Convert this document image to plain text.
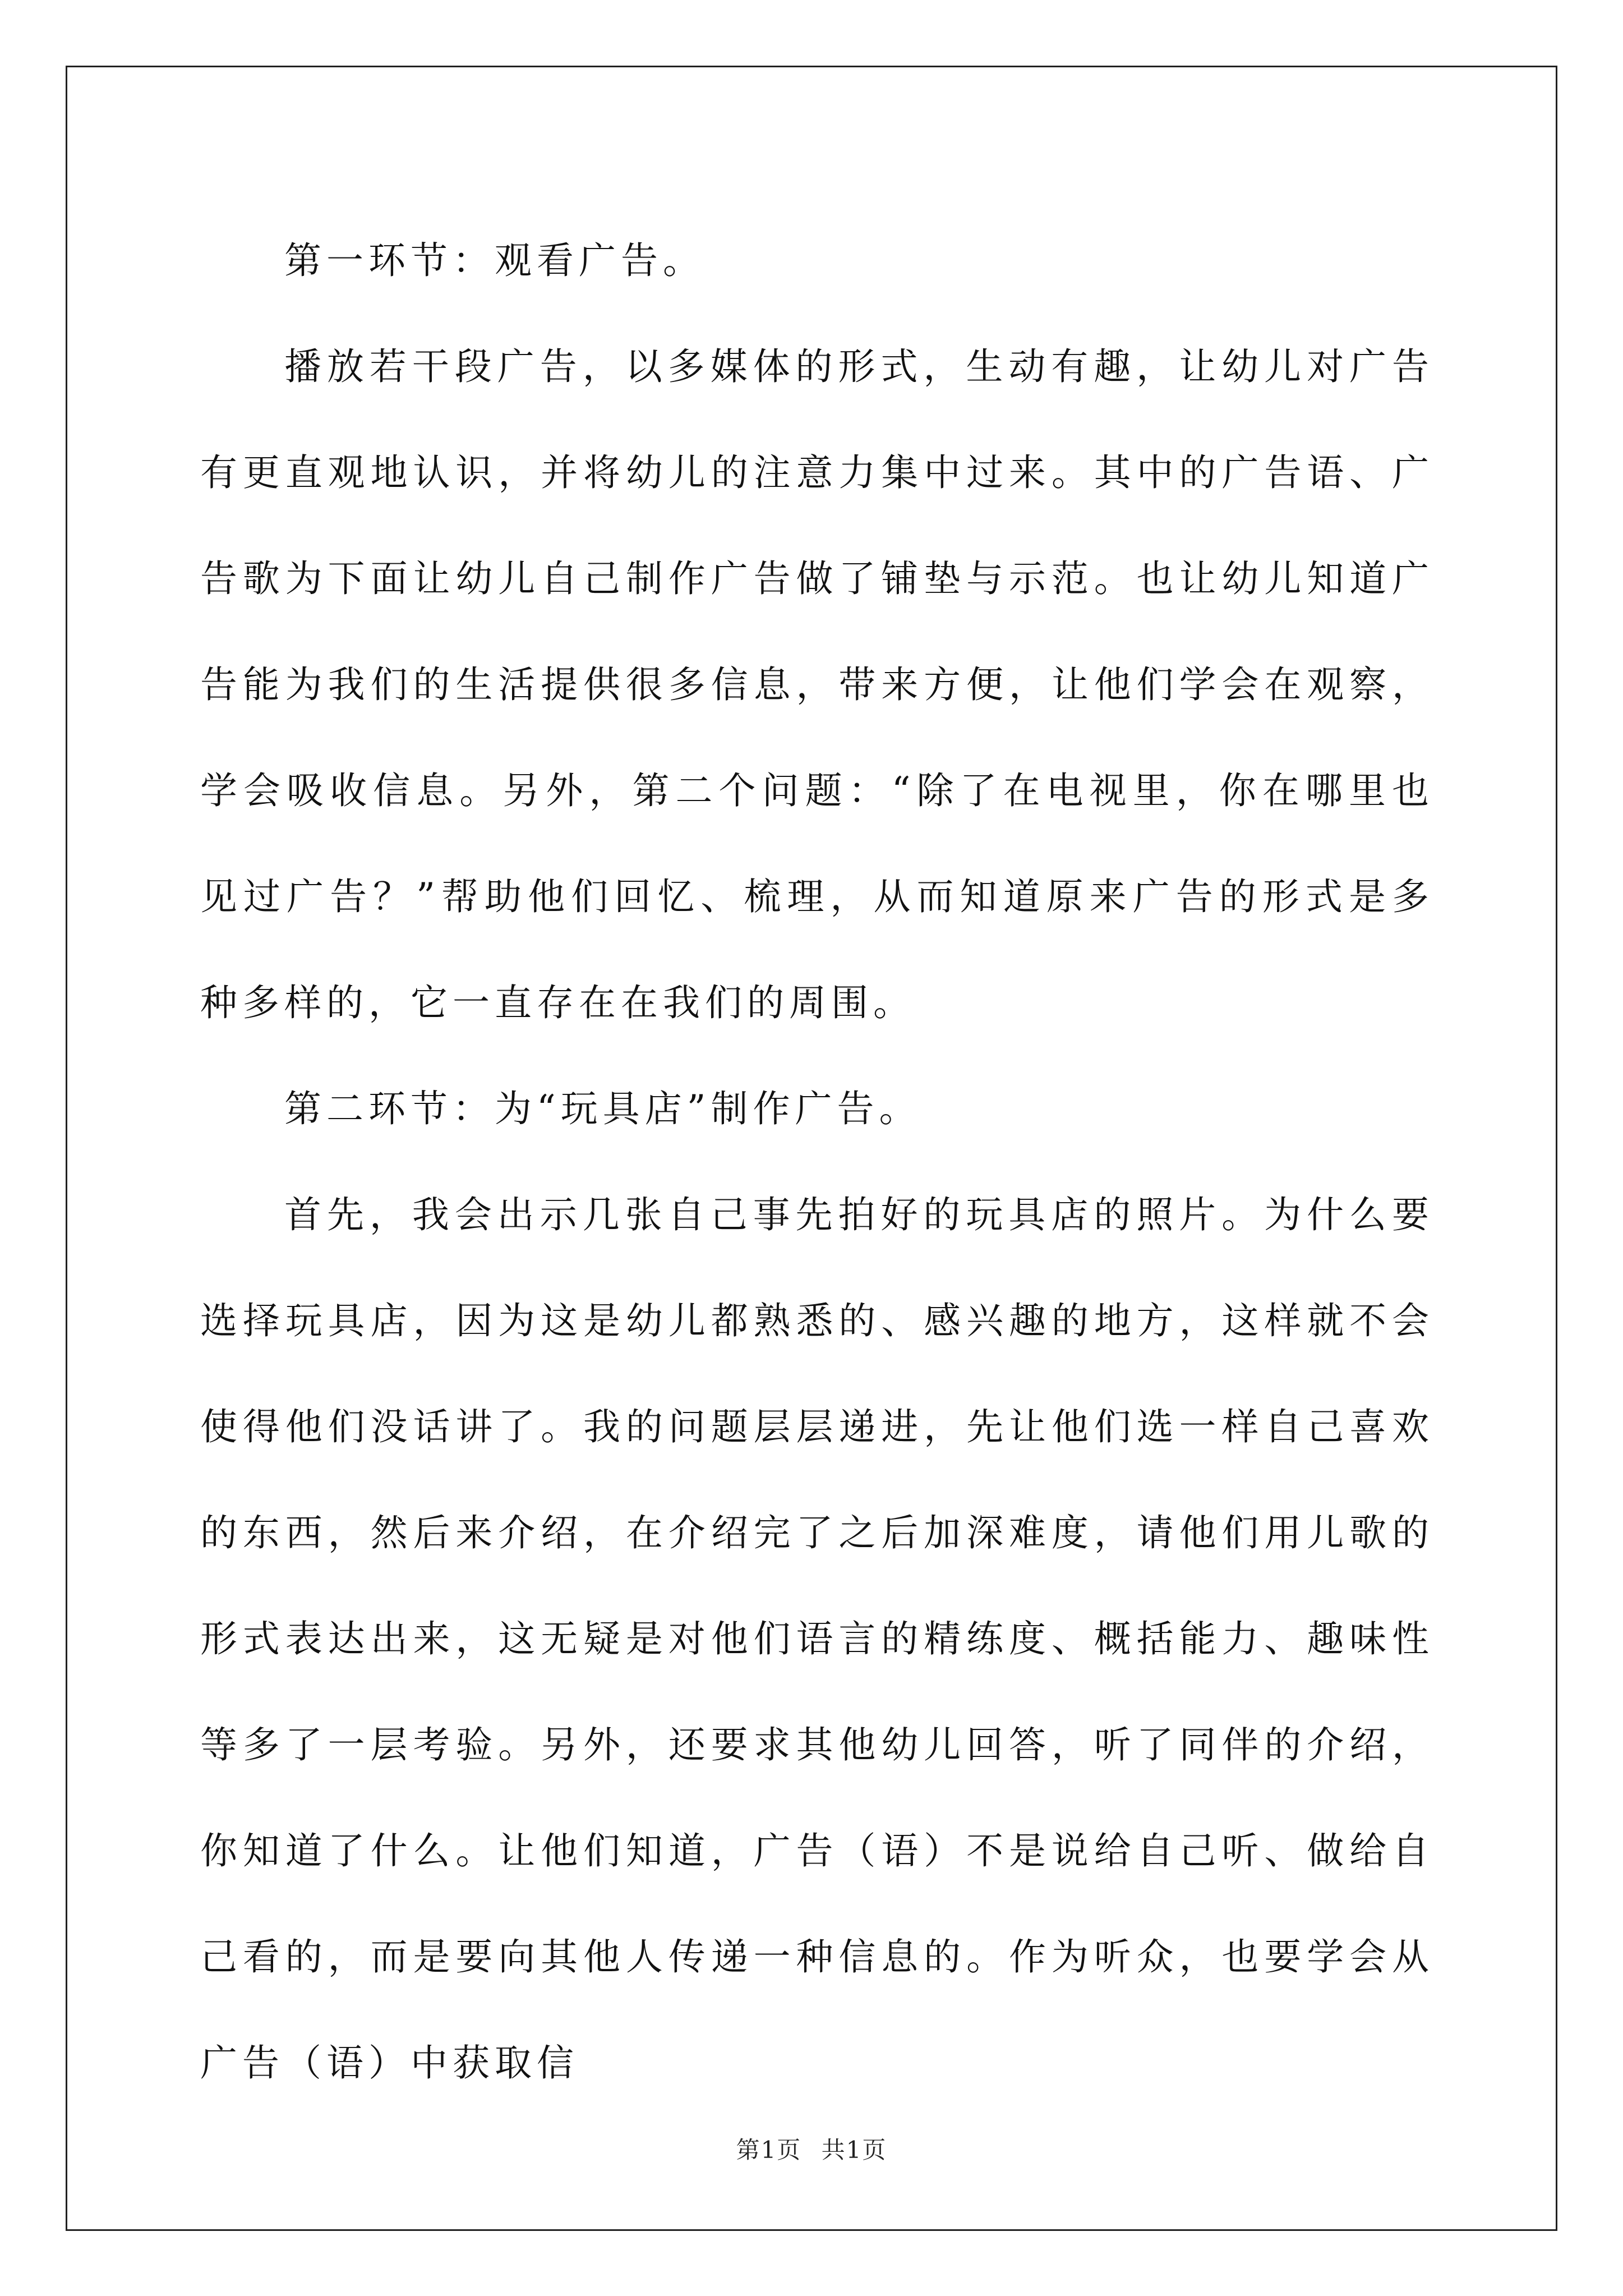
第一环节：观看广告。

播放若干段广告，以多媒体的形式，生动有趣，让幼儿对广告有更直观地认识，并将幼儿的注意力集中过来。其中的广告语、广告歌为下面让幼儿自己制作广告做了铺垫与示范。也让幼儿知道广告能为我们的生活提供很多信息，带来方便，让他们学会在观察，学会吸收信息。另外，第二个问题：“除了在电视里，你在哪里也见过广告？”帮助他们回忆、梳理，从而知道原来广告的形式是多种多样的，它一直存在在我们的周围。

第二环节：为“玩具店”制作广告。

首先，我会出示几张自己事先拍好的玩具店的照片。为什么要选择玩具店，因为这是幼儿都熟悉的、感兴趣的地方，这样就不会使得他们没话讲了。我的问题层层递进，先让他们选一样自己喜欢的东西，然后来介绍，在介绍完了之后加深难度，请他们用儿歌的形式表达出来，这无疑是对他们语言的精练度、概括能力、趣味性等多了一层考验。另外，还要求其他幼儿回答，听了同伴的介绍，你知道了什么。让他们知道，广告（语）不是说给自己听、做给自己看的，而是要向其他人传递一种信息的。作为听众，也要学会从广告（语）中获取信

第1页 共1页
